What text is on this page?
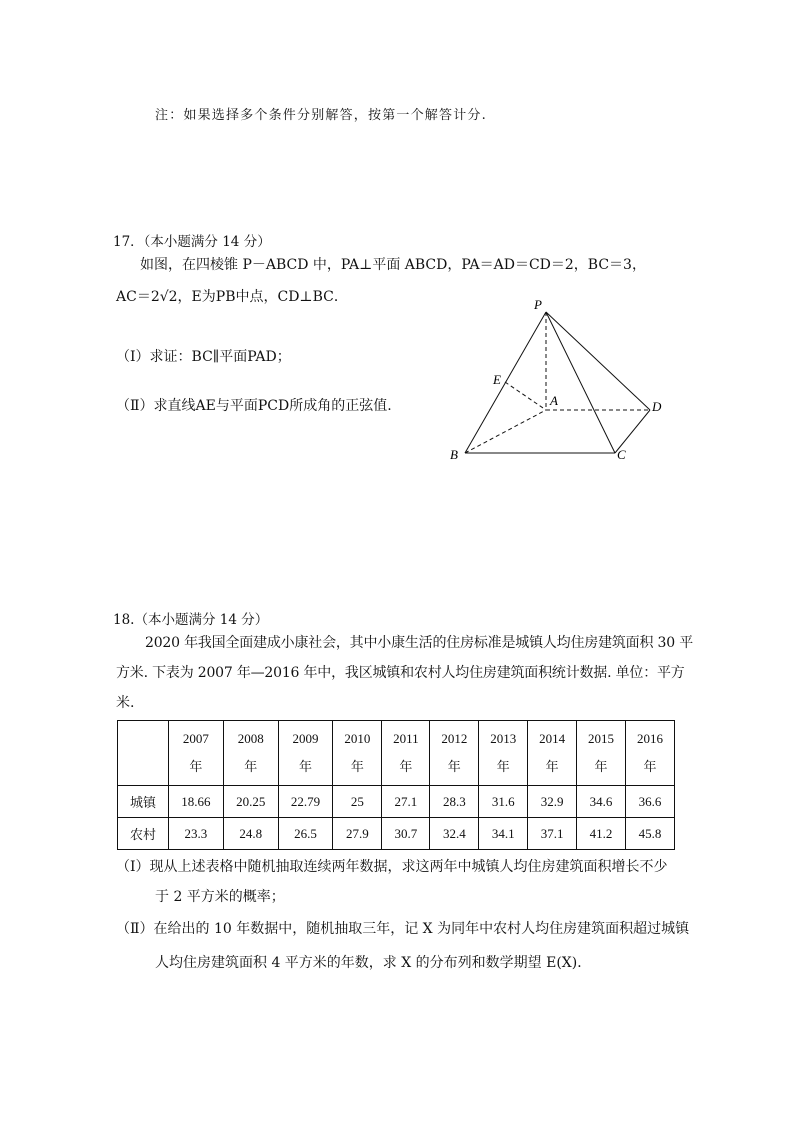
注：如果选择多个条件分别解答，按第一个解答计分.
17．（本小题满分 14 分）
如图，在四棱锥 P－ABCD 中，PA⊥平面 ABCD，PA＝AD＝CD＝2，BC＝3，
AC＝2√2，E为PB中点，CD⊥BC．
（Ⅰ）求证：BC∥平面PAD；
（Ⅱ）求直线AE与平面PCD所成角的正弦值.
P
E
A	D
B	C
18.（本小题满分 14 分）
2020 年我国全面建成小康社会，其中小康生活的住房标准是城镇人均住房建筑面积 30 平
方米. 下表为 2007 年—2016 年中，我区城镇和农村人均住房建筑面积统计数据. 单位：平方
米.

	2007
年	2008
年	2009
年	2010
年	2011
年	2012
年	2013
年	2014
年	2015
年	2016
年

城镇	18.66	20.25	22.79	25	27.1	28.3	31.6	32.9	34.6	36.6
农村	23.3	24.8	26.5	27.9	30.7	32.4	34.1	37.1	41.2	45.8
（Ⅰ）现从上述表格中随机抽取连续两年数据，求这两年中城镇人均住房建筑面积增长不少
于 2 平方米的概率；
（Ⅱ）在给出的 10 年数据中，随机抽取三年，记 X 为同年中农村人均住房建筑面积超过城镇
人均住房建筑面积 4 平方米的年数，求 X 的分布列和数学期望 E(X)．
